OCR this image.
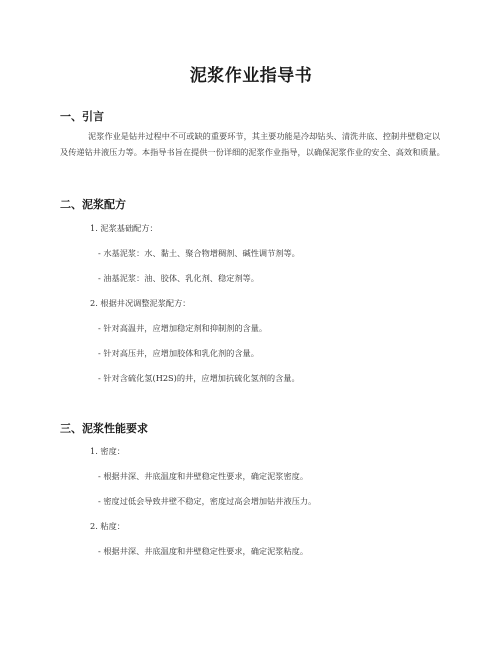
泥浆作业指导书
一、引言
泥浆作业是钻井过程中不可或缺的重要环节，其主要功能是冷却钻头、清洗井底、控制井壁稳定以及传递钻井液压力等。本指导书旨在提供一份详细的泥浆作业指导，以确保泥浆作业的安全、高效和质量。
二、泥浆配方
1. 泥浆基础配方：
- 水基泥浆：水、黏土、聚合物增稠剂、碱性调节剂等。
- 油基泥浆：油、胶体、乳化剂、稳定剂等。
2. 根据井况调整泥浆配方：
- 针对高温井，应增加稳定剂和抑制剂的含量。
- 针对高压井，应增加胶体和乳化剂的含量。
- 针对含硫化氢(H2S)的井，应增加抗硫化氢剂的含量。
三、泥浆性能要求
1. 密度：
- 根据井深、井底温度和井壁稳定性要求，确定泥浆密度。
- 密度过低会导致井壁不稳定，密度过高会增加钻井液压力。
2. 粘度：
- 根据井深、井底温度和井壁稳定性要求，确定泥浆粘度。
